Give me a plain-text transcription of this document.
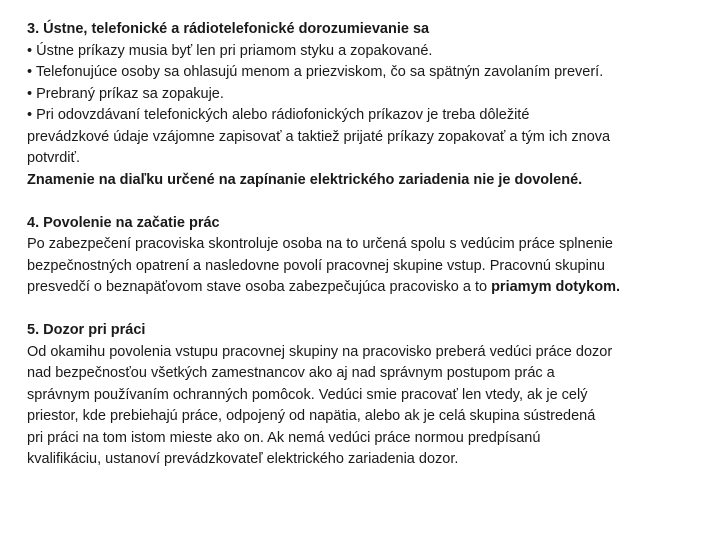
3. Ústne, telefonické a rádiotelefonické dorozumievanie sa
• Ústne príkazy musia byť len pri priamom styku a zopakované.
• Telefonujúce osoby sa ohlasujú menom a priezviskom, čo sa spätnýn zavolaním preverí.
• Prebraný príkaz sa zopakuje.
• Pri odovzdávaní telefonických alebo rádiofonických príkazov je treba dôležité
prevádzkové údaje vzájomne zapisovať a taktiež prijaté príkazy zopakovať a tým ich znova
potvrdiť.
Znamenie na diaľku určené na zapínanie elektrického zariadenia nie je dovolené.
4. Povolenie na začatie prác
Po zabezpečení pracoviska skontroluje osoba na to určená spolu s vedúcim práce splnenie
bezpečnostných opatrení a nasledovne povolí pracovnej skupine vstup. Pracovnú skupinu
presvedčí o beznapäťovom stave osoba zabezpečujúca pracovisko a to priamym dotykom.
5. Dozor pri práci
Od okamihu povolenia vstupu pracovnej skupiny na pracovisko preberá vedúci práce dozor
nad bezpečnosťou všetkých zamestnancov ako aj nad správnym postupom prác a
správnym používaním ochranných pomôcok. Vedúci smie pracovať len vtedy, ak je celý
priestor, kde prebiehajú práce, odpojený od napätia, alebo ak je celá skupina sústredená
pri práci na tom istom mieste ako on. Ak nemá vedúci práce normou predpísanú
kvalifikáciu, ustanoví prevádzkovateľ elektrického zariadenia dozor.
